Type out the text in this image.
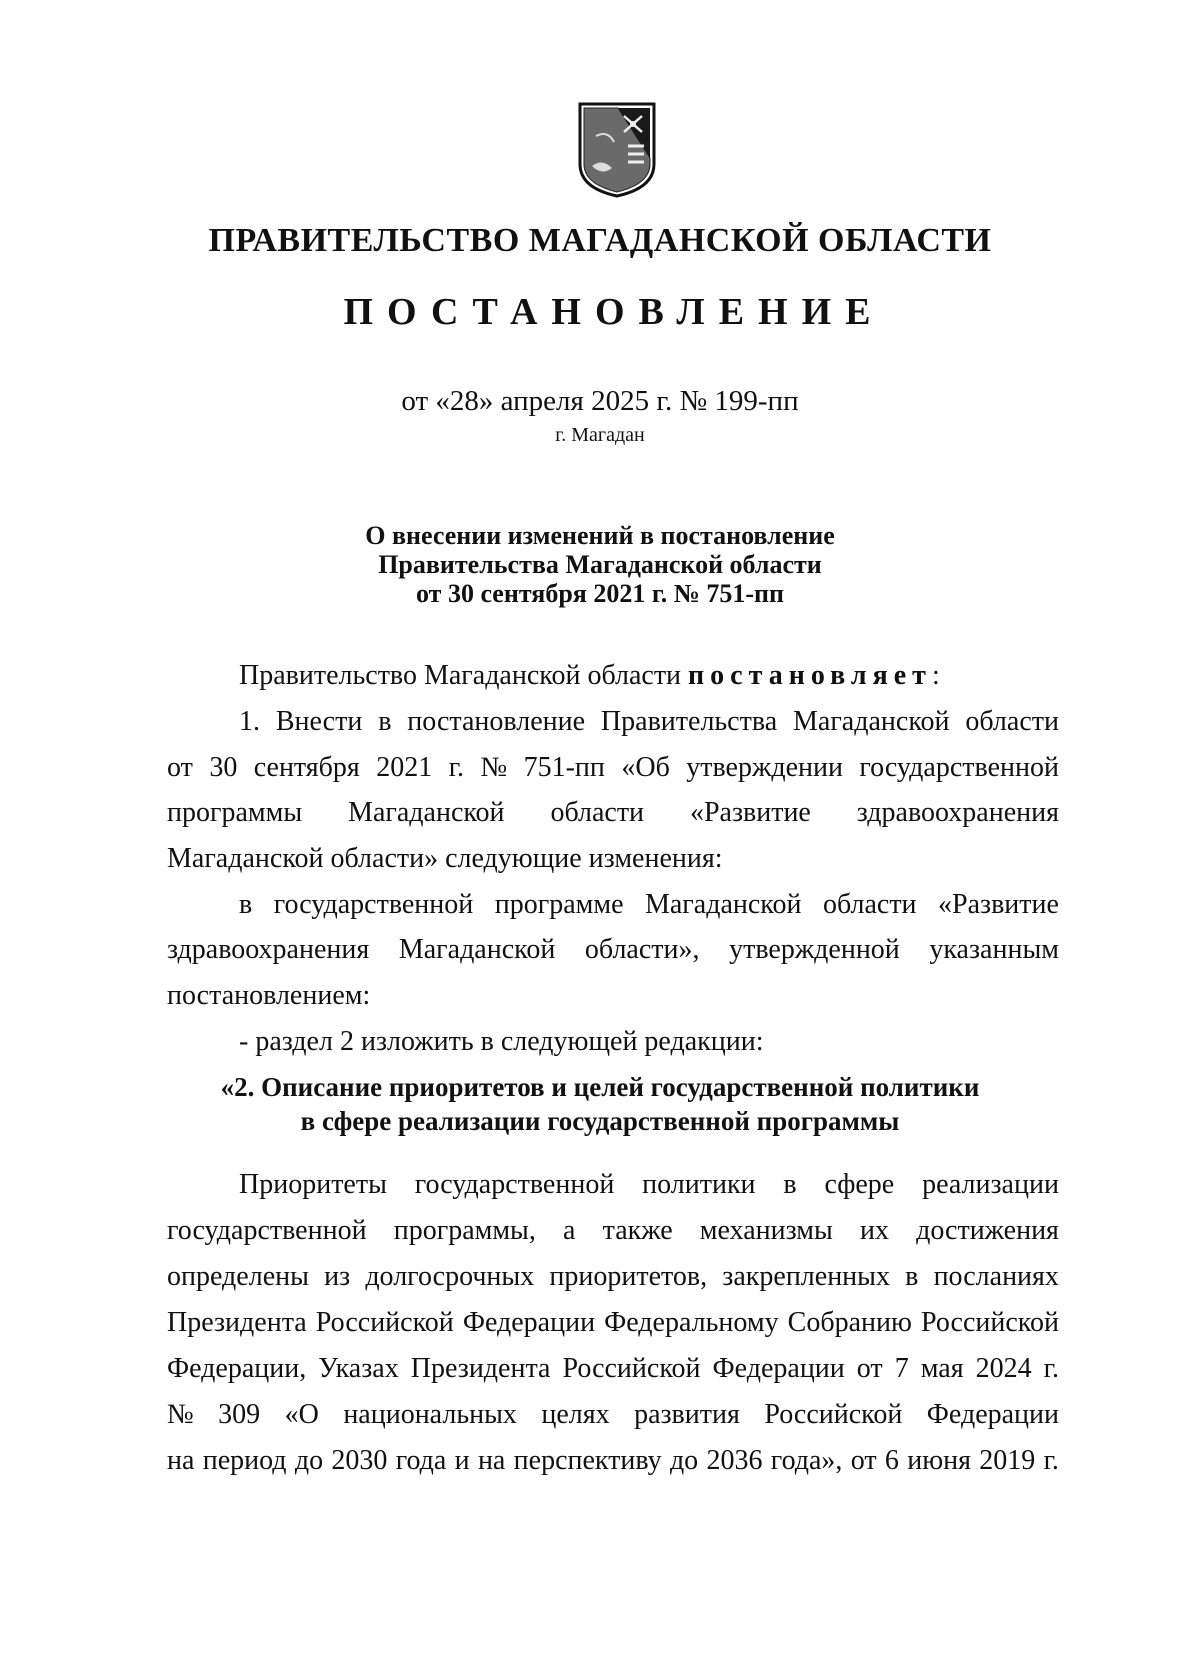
ПРАВИТЕЛЬСТВО МАГАДАНСКОЙ ОБЛАСТИ
ПОСТАНОВЛЕНИЕ
от «28» апреля 2025 г. № 199-пп
г. Магадан
О внесении изменений в постановление
Правительства Магаданской области
от 30 сентября 2021 г. № 751-пп
Правительство Магаданской области постановляет:
1. Внести в постановление Правительства Магаданской области
от 30 сентября 2021 г. № 751-пп «Об утверждении государственной
программы Магаданской области «Развитие здравоохранения
Магаданской области» следующие изменения:
в государственной программе Магаданской области «Развитие
здравоохранения Магаданской области», утвержденной указанным
постановлением:
- раздел 2 изложить в следующей редакции:
«2. Описание приоритетов и целей государственной политики
в сфере реализации государственной программы
Приоритеты государственной политики в сфере реализации
государственной программы, а также механизмы их достижения
определены из долгосрочных приоритетов, закрепленных в посланиях
Президента Российской Федерации Федеральному Собранию Российской
Федерации, Указах Президента Российской Федерации от 7 мая 2024 г.
№ 309 «О национальных целях развития Российской Федерации
на период до 2030 года и на перспективу до 2036 года», от 6 июня 2019 г.
